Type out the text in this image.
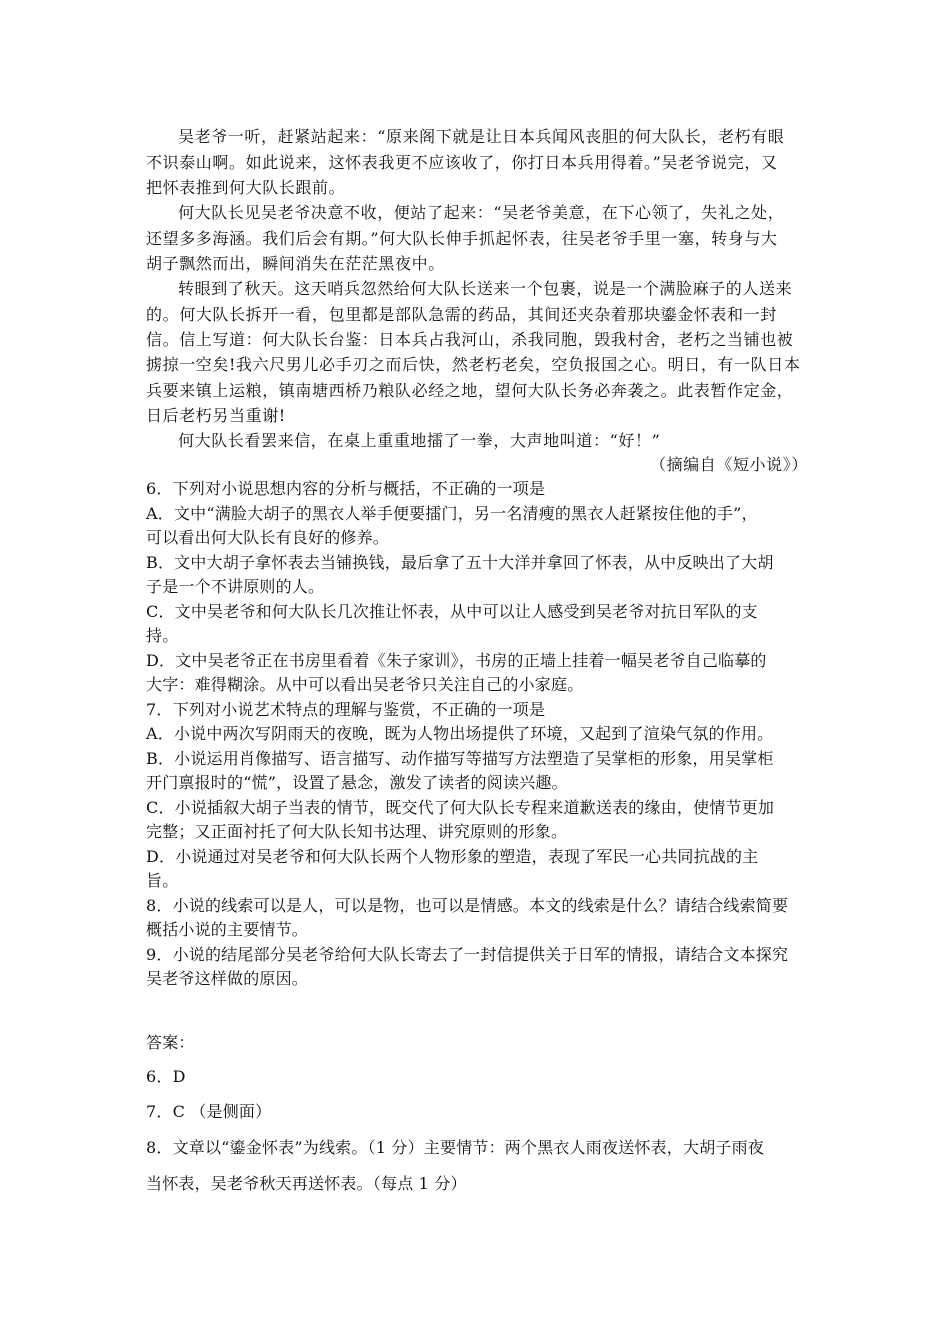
吴老爷一听，赶紧站起来：“原来阁下就是让日本兵闻风丧胆的何大队长，老朽有眼
不识泰山啊。如此说来，这怀表我更不应该收了，你打日本兵用得着。”吴老爷说完，又
把怀表推到何大队长跟前。
何大队长见吴老爷决意不收，便站了起来：“吴老爷美意，在下心领了，失礼之处，
还望多多海涵。我们后会有期。”何大队长伸手抓起怀表，往吴老爷手里一塞，转身与大
胡子飘然而出，瞬间消失在茫茫黑夜中。
转眼到了秋天。这天哨兵忽然给何大队长送来一个包裹，说是一个满脸麻子的人送来
的。何大队长拆开一看，包里都是部队急需的药品，其间还夹杂着那块鎏金怀表和一封
信。信上写道：何大队长台鉴：日本兵占我河山，杀我同胞，毁我村舍，老朽之当铺也被
掳掠一空矣!我六尺男儿必手刃之而后快，然老朽老矣，空负报国之心。明日，有一队日本
兵要来镇上运粮，镇南塘西桥乃粮队必经之地，望何大队长务必奔袭之。此表暂作定金，
日后老朽另当重谢!
何大队长看罢来信，在桌上重重地擂了一拳，大声地叫道：“好！”
（摘编自《短小说》）
6．下列对小说思想内容的分析与概括，不正确的一项是
A．文中“满脸大胡子的黑衣人举手便要擂门，另一名清瘦的黑衣人赶紧按住他的手”，
可以看出何大队长有良好的修养。
B．文中大胡子拿怀表去当铺换钱，最后拿了五十大洋并拿回了怀表，从中反映出了大胡
子是一个不讲原则的人。
C．文中吴老爷和何大队长几次推让怀表，从中可以让人感受到吴老爷对抗日军队的支
持。
D．文中吴老爷正在书房里看着《朱子家训》，书房的正墙上挂着一幅吴老爷自己临摹的
大字：难得糊涂。从中可以看出吴老爷只关注自己的小家庭。
7．下列对小说艺术特点的理解与鉴赏，不正确的一项是
A．小说中两次写阴雨天的夜晚，既为人物出场提供了环境，又起到了渲染气氛的作用。
B．小说运用肖像描写、语言描写、动作描写等描写方法塑造了吴掌柜的形象，用吴掌柜
开门禀报时的“慌”，设置了悬念，激发了读者的阅读兴趣。
C．小说插叙大胡子当表的情节，既交代了何大队长专程来道歉送表的缘由，使情节更加
完整；又正面衬托了何大队长知书达理、讲究原则的形象。
D．小说通过对吴老爷和何大队长两个人物形象的塑造，表现了军民一心共同抗战的主
旨。
8．小说的线索可以是人，可以是物，也可以是情感。本文的线索是什么？请结合线索简要
概括小说的主要情节。
9．小说的结尾部分吴老爷给何大队长寄去了一封信提供关于日军的情报，请结合文本探究
吴老爷这样做的原因。
答案：
6．D
7．C （是侧面）
8．文章以“鎏金怀表”为线索。（1 分）主要情节：两个黑衣人雨夜送怀表，大胡子雨夜
当怀表，吴老爷秋天再送怀表。（每点 1 分）
